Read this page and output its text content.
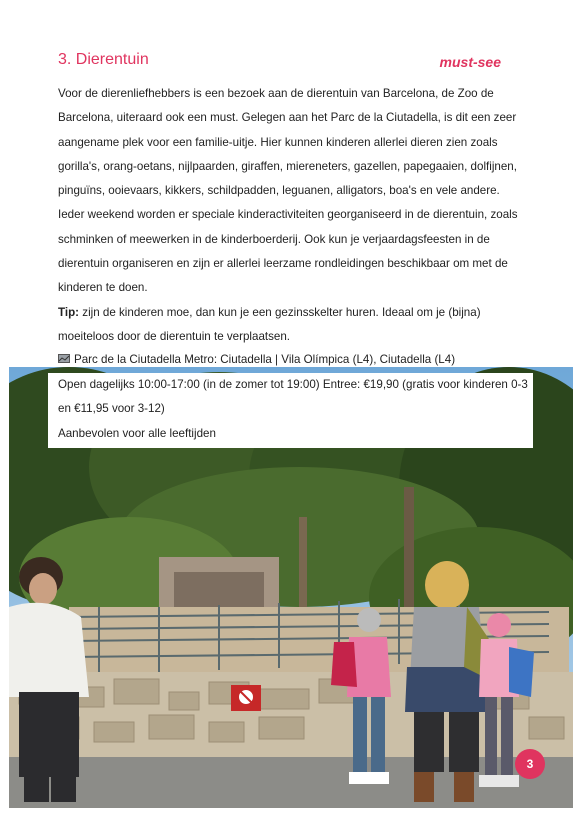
3. Dierentuin	must-see

Voor de dierenliefhebbers is een bezoek aan de dierentuin van Barcelona, de Zoo de Barcelona, uiteraard ook een must. Gelegen aan het Parc de la Ciutadella, is dit een zeer aangename plek voor een familie-uitje. Hier kunnen kinderen allerlei dieren zien zoals gorilla's, orang-oetans, nijlpaarden, giraffen, miereneters, gazellen, papegaaien, dolfijnen, pinguïns, ooievaars, kikkers, schildpadden, leguanen, alligators, boa's en vele andere. Ieder weekend worden er speciale kinderactiviteiten georganiseerd in de dierentuin, zoals schminken of meewerken in de kinderboerderij. Ook kun je verjaardagsfeesten in de dierentuin organiseren en zijn er allerlei leerzame rondleidingen beschikbaar om met de kinderen te doen.

Tip: zijn de kinderen moe, dan kun je een gezinsskelter huren. Ideaal om je (bijna) moeiteloos door de dierentuin te verplaatsen.

Parc de la Ciutadella Metro: Ciutadella | Vila Olímpica (L4), Ciutadella (L4)

Open dagelijks 10:00-17:00 (in de zomer tot 19:00) Entree: €19,90 (gratis voor kinderen 0-3 en €11,95 voor 3-12)

Aanbevolen voor alle leeftijden

3
